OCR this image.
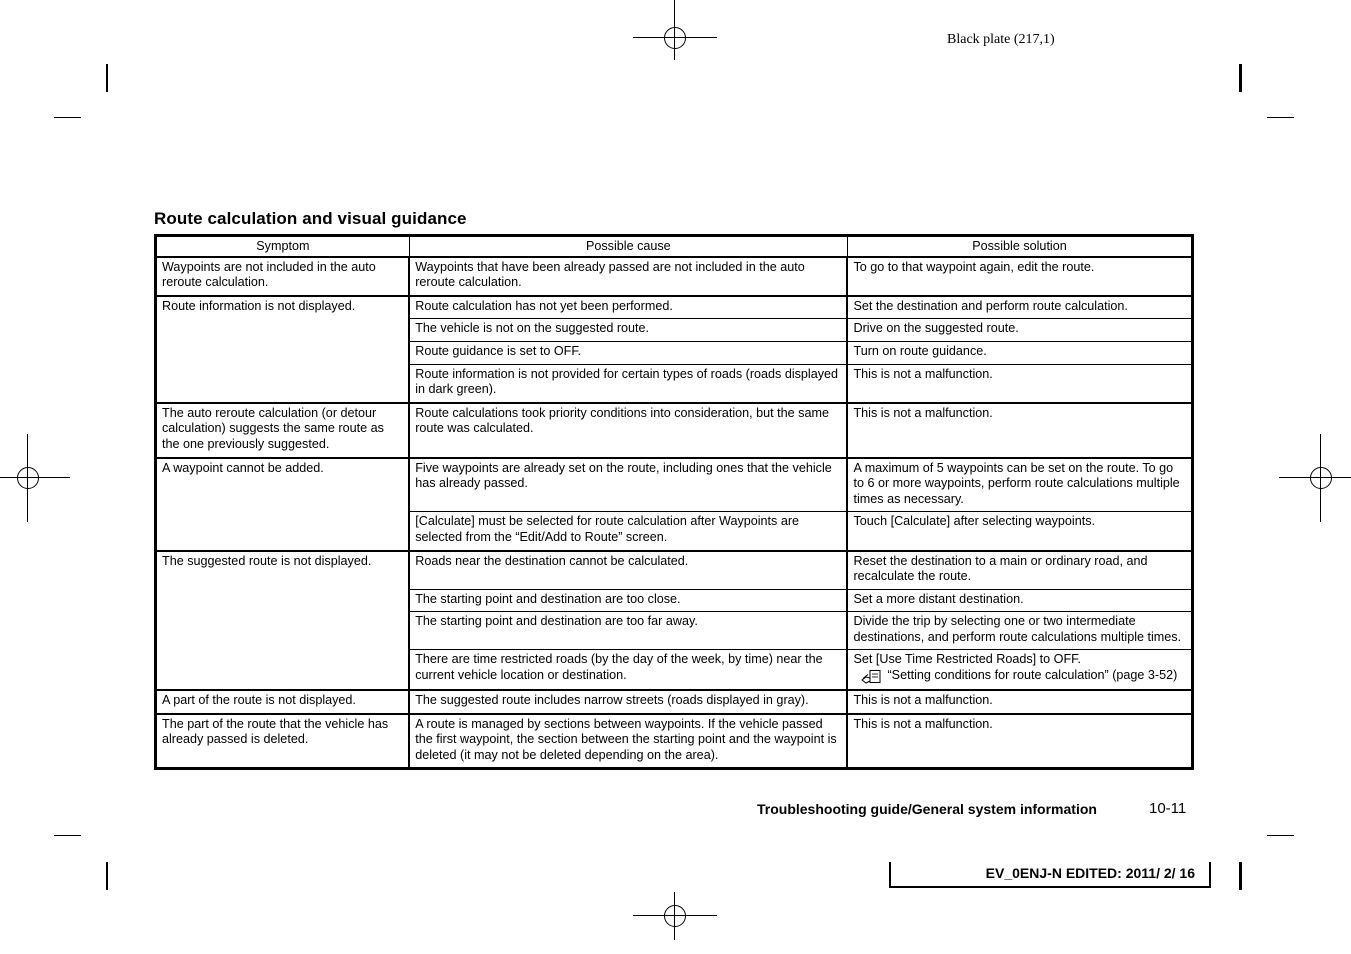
Black plate (217,1)
Route calculation and visual guidance
Symptom	Possible cause	Possible solution
Waypoints are not included in the auto reroute calculation.	Waypoints that have been already passed are not included in the auto reroute calculation.	To go to that waypoint again, edit the route.
Route information is not displayed.	Route calculation has not yet been performed.	Set the destination and perform route calculation.
	The vehicle is not on the suggested route.	Drive on the suggested route.
	Route guidance is set to OFF.	Turn on route guidance.
	Route information is not provided for certain types of roads (roads displayed in dark green).	This is not a malfunction.
The auto reroute calculation (or detour calculation) suggests the same route as the one previously suggested.	Route calculations took priority conditions into consideration, but the same route was calculated.	This is not a malfunction.
A waypoint cannot be added.	Five waypoints are already set on the route, including ones that the vehicle has already passed.	A maximum of 5 waypoints can be set on the route. To go to 6 or more waypoints, perform route calculations multiple times as necessary.
	[Calculate] must be selected for route calculation after Waypoints are selected from the “Edit/Add to Route” screen.	Touch [Calculate] after selecting waypoints.
The suggested route is not displayed.	Roads near the destination cannot be calculated.	Reset the destination to a main or ordinary road, and recalculate the route.
	The starting point and destination are too close.	Set a more distant destination.
	The starting point and destination are too far away.	Divide the trip by selecting one or two intermediate destinations, and perform route calculations multiple times.
	There are time restricted roads (by the day of the week, by time) near the current vehicle location or destination.	Set [Use Time Restricted Roads] to OFF.
“Setting conditions for route calculation” (page 3-52)

A part of the route is not displayed.	The suggested route includes narrow streets (roads displayed in gray).	This is not a malfunction.
The part of the route that the vehicle has already passed is deleted.	A route is managed by sections between waypoints. If the vehicle passed the first waypoint, the section between the starting point and the waypoint is deleted (it may not be deleted depending on the area).	This is not a malfunction.
Troubleshooting guide/General system information	10-11
EV_0ENJ-N EDITED: 2011/ 2/ 16
